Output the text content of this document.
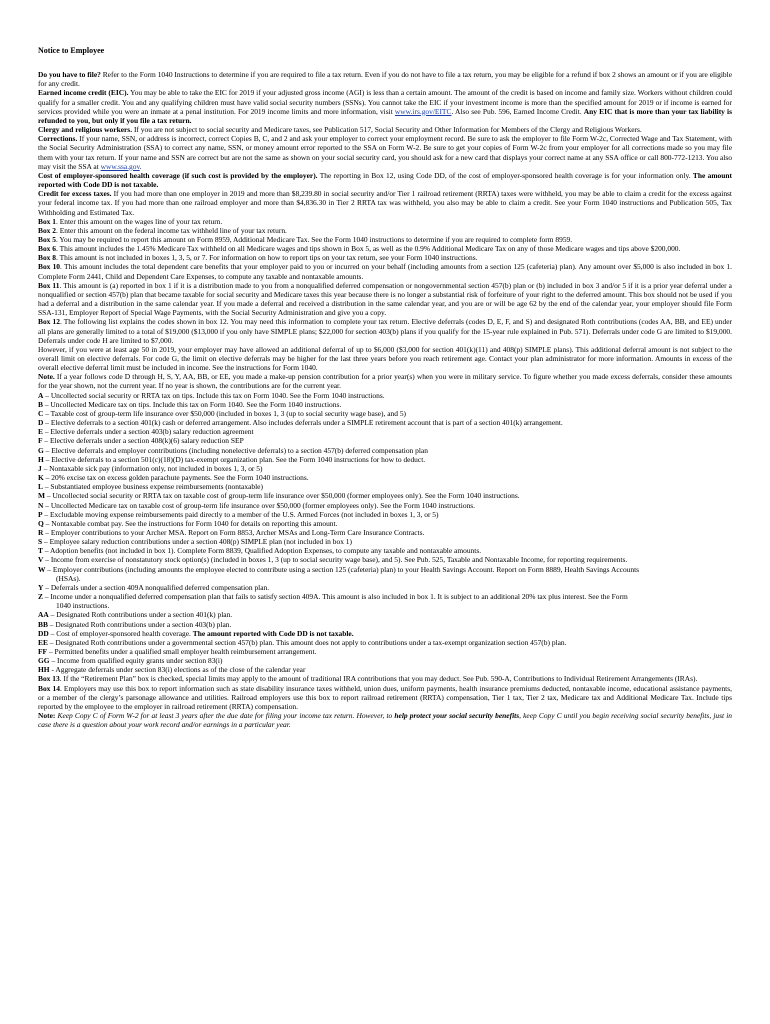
Notice to Employee

Do you have to file? Refer to the Form 1040 Instructions to determine if you are required to file a tax return. Even if you do not have to file a tax return, you may be eligible for a refund if box 2 shows an amount or if you are eligible for any credit.

Earned income credit (EIC). You may be able to take the EIC for 2019 if your adjusted gross income (AGI) is less than a certain amount. The amount of the credit is based on income and family size. Workers without children could qualify for a smaller credit. You and any qualifying children must have valid social security numbers (SSNs). You cannot take the EIC if your investment income is more than the specified amount for 2019 or if income is earned for services provided while you were an inmate at a penal institution. For 2019 income limits and more information, visit www.irs.gov/EITC. Also see Pub. 596, Earned Income Credit. Any EIC that is more than your tax liability is refunded to you, but only if you file a tax return.

Clergy and religious workers. If you are not subject to social security and Medicare taxes, see Publication 517, Social Security and Other Information for Members of the Clergy and Religious Workers.

Corrections. If your name, SSN, or address is incorrect, correct Copies B, C, and 2 and ask your employer to correct your employment record. Be sure to ask the employer to file Form W-2c, Corrected Wage and Tax Statement, with the Social Security Administration (SSA) to correct any name, SSN, or money amount error reported to the SSA on Form W-2. Be sure to get your copies of Form W-2c from your employer for all corrections made so you may file them with your tax return. If your name and SSN are correct but are not the same as shown on your social security card, you should ask for a new card that displays your correct name at any SSA office or call 800-772-1213. You also may visit the SSA at www.ssa.gov.

Cost of employer-sponsored health coverage (if such cost is provided by the employer). The reporting in Box 12, using Code DD, of the cost of employer-sponsored health coverage is for your information only. The amount reported with Code DD is not taxable.

Credit for excess taxes. If you had more than one employer in 2019 and more than $8,239.80 in social security and/or Tier 1 railroad retirement (RRTA) taxes were withheld, you may be able to claim a credit for the excess against your federal income tax. If you had more than one railroad employer and more than $4,836.30 in Tier 2 RRTA tax was withheld, you also may be able to claim a credit. See your Form 1040 instructions and Publication 505, Tax Withholding and Estimated Tax.

Box 1. Enter this amount on the wages line of your tax return.

Box 2. Enter this amount on the federal income tax withheld line of your tax return.

Box 5. You may be required to report this amount on Form 8959, Additional Medicare Tax. See the Form 1040 instructions to determine if you are required to complete form 8959.

Box 6. This amount includes the 1.45% Medicare Tax withheld on all Medicare wages and tips shown in Box 5, as well as the 0.9% Additional Medicare Tax on any of those Medicare wages and tips above $200,000.

Box 8. This amount is not included in boxes 1, 3, 5, or 7. For information on how to report tips on your tax return, see your Form 1040 instructions.

Box 10. This amount includes the total dependent care benefits that your employer paid to you or incurred on your behalf (including amounts from a section 125 (cafeteria) plan). Any amount over $5,000 is also included in box 1. Complete Form 2441, Child and Dependent Care Expenses, to compute any taxable and nontaxable amounts.

Box 11. This amount is (a) reported in box 1 if it is a distribution made to you from a nonqualified deferred compensation or nongovernmental section 457(b) plan or (b) included in box 3 and/or 5 if it is a prior year deferral under a nonqualified or section 457(b) plan that became taxable for social security and Medicare taxes this year because there is no longer a substantial risk of forfeiture of your right to the deferred amount. This box should not be used if you had a deferral and a distribution in the same calendar year. If you made a deferral and received a distribution in the same calendar year, and you are or will be age 62 by the end of the calendar year, your employer should file Form SSA-131, Employer Report of Special Wage Payments, with the Social Security Administration and give you a copy.

Box 12. The following list explains the codes shown in box 12. You may need this information to complete your tax return. Elective deferrals (codes D, E, F, and S) and designated Roth contributions (codes AA, BB, and EE) under all plans are generally limited to a total of $19,000 ($13,000 if you only have SIMPLE plans; $22,000 for section 403(b) plans if you qualify for the 15-year rule explained in Pub. 571). Deferrals under code G are limited to $19,000. Deferrals under code H are limited to $7,000.

However, if you were at least age 50 in 2019, your employer may have allowed an additional deferral of up to $6,000 ($3,000 for section 401(k)(11) and 408(p) SIMPLE plans). This additional deferral amount is not subject to the overall limit on elective deferrals. For code G, the limit on elective deferrals may be higher for the last three years before you reach retirement age. Contact your plan administrator for more information. Amounts in excess of the overall elective deferral limit must be included in income. See the instructions for Form 1040.

Note. If a year follows code D through H, S, Y, AA, BB, or EE, you made a make-up pension contribution for a prior year(s) when you were in military service. To figure whether you made excess deferrals, consider these amounts for the year shown, not the current year. If no year is shown, the contributions are for the current year.

A – Uncollected social security or RRTA tax on tips. Include this tax on Form 1040. See the Form 1040 instructions.

B – Uncollected Medicare tax on tips. Include this tax on Form 1040. See the Form 1040 instructions.

C – Taxable cost of group-term life insurance over $50,000 (included in boxes 1, 3 (up to social security wage base), and 5)

D – Elective deferrals to a section 401(k) cash or deferred arrangement. Also includes deferrals under a SIMPLE retirement account that is part of a section 401(k) arrangement.

E – Elective deferrals under a section 403(b) salary reduction agreement

F – Elective deferrals under a section 408(k)(6) salary reduction SEP

G – Elective deferrals and employer contributions (including nonelective deferrals) to a section 457(b) deferred compensation plan

H – Elective deferrals to a section 501(c)(18)(D) tax-exempt organization plan. See the Form 1040 instructions for how to deduct.

J – Nontaxable sick pay (information only, not included in boxes 1, 3, or 5)

K – 20% excise tax on excess golden parachute payments. See the Form 1040 instructions.

L – Substantiated employee business expense reimbursements (nontaxable)

M – Uncollected social security or RRTA tax on taxable cost of group-term life insurance over $50,000 (former employees only). See the Form 1040 instructions.

N – Uncollected Medicare tax on taxable cost of group-term life insurance over $50,000 (former employees only). See the Form 1040 instructions.

P – Excludable moving expense reimbursements paid directly to a member of the U.S. Armed Forces (not included in boxes 1, 3, or 5)

Q – Nontaxable combat pay. See the instructions for Form 1040 for details on reporting this amount.

R – Employer contributions to your Archer MSA. Report on Form 8853, Archer MSAs and Long-Term Care Insurance Contracts.

S – Employee salary reduction contributions under a section 408(p) SIMPLE plan (not included in box 1)

T – Adoption benefits (not included in box 1). Complete Form 8839, Qualified Adoption Expenses, to compute any taxable and nontaxable amounts.

V – Income from exercise of nonstatutory stock option(s) (included in boxes 1, 3 (up to social security wage base), and 5). See Pub. 525, Taxable and Nontaxable Income, for reporting requirements.

W – Employer contributions (including amounts the employee elected to contribute using a section 125 (cafeteria) plan) to your Health Savings Account. Report on Form 8889, Health Savings Accounts
(HSAs).

Y – Deferrals under a section 409A nonqualified deferred compensation plan.

Z – Income under a nonqualified deferred compensation plan that fails to satisfy section 409A. This amount is also included in box 1. It is subject to an additional 20% tax plus interest. See the Form
1040 instructions.

AA – Designated Roth contributions under a section 401(k) plan.

BB – Designated Roth contributions under a section 403(b) plan.

DD – Cost of employer-sponsored health coverage. The amount reported with Code DD is not taxable.

EE – Designated Roth contributions under a governmental section 457(b) plan. This amount does not apply to contributions under a tax-exempt organization section 457(b) plan.

FF – Permitted benefits under a qualified small employer health reimbursement arrangement.

GG – Income from qualified equity grants under section 83(i)

HH - Aggregate deferrals under section 83(i) elections as of the close of the calendar year

Box 13. If the “Retirement Plan” box is checked, special limits may apply to the amount of traditional IRA contributions that you may deduct. See Pub. 590-A, Contributions to Individual Retirement Arrangements (IRAs).

Box 14. Employers may use this box to report information such as state disability insurance taxes withheld, union dues, uniform payments, health insurance premiums deducted, nontaxable income, educational assistance payments, or a member of the clergy’s parsonage allowance and utilities. Railroad employers use this box to report railroad retirement (RRTA) compensation, Tier 1 tax, Tier 2 tax, Medicare tax and Additional Medicare Tax. Include tips reported by the employee to the employer in railroad retirement (RRTA) compensation.

Note: Keep Copy C of Form W-2 for at least 3 years after the due date for filing your income tax return. However, to help protect your social security benefits, keep Copy C until you begin receiving social security benefits, just in case there is a question about your work record and/or earnings in a particular year.
